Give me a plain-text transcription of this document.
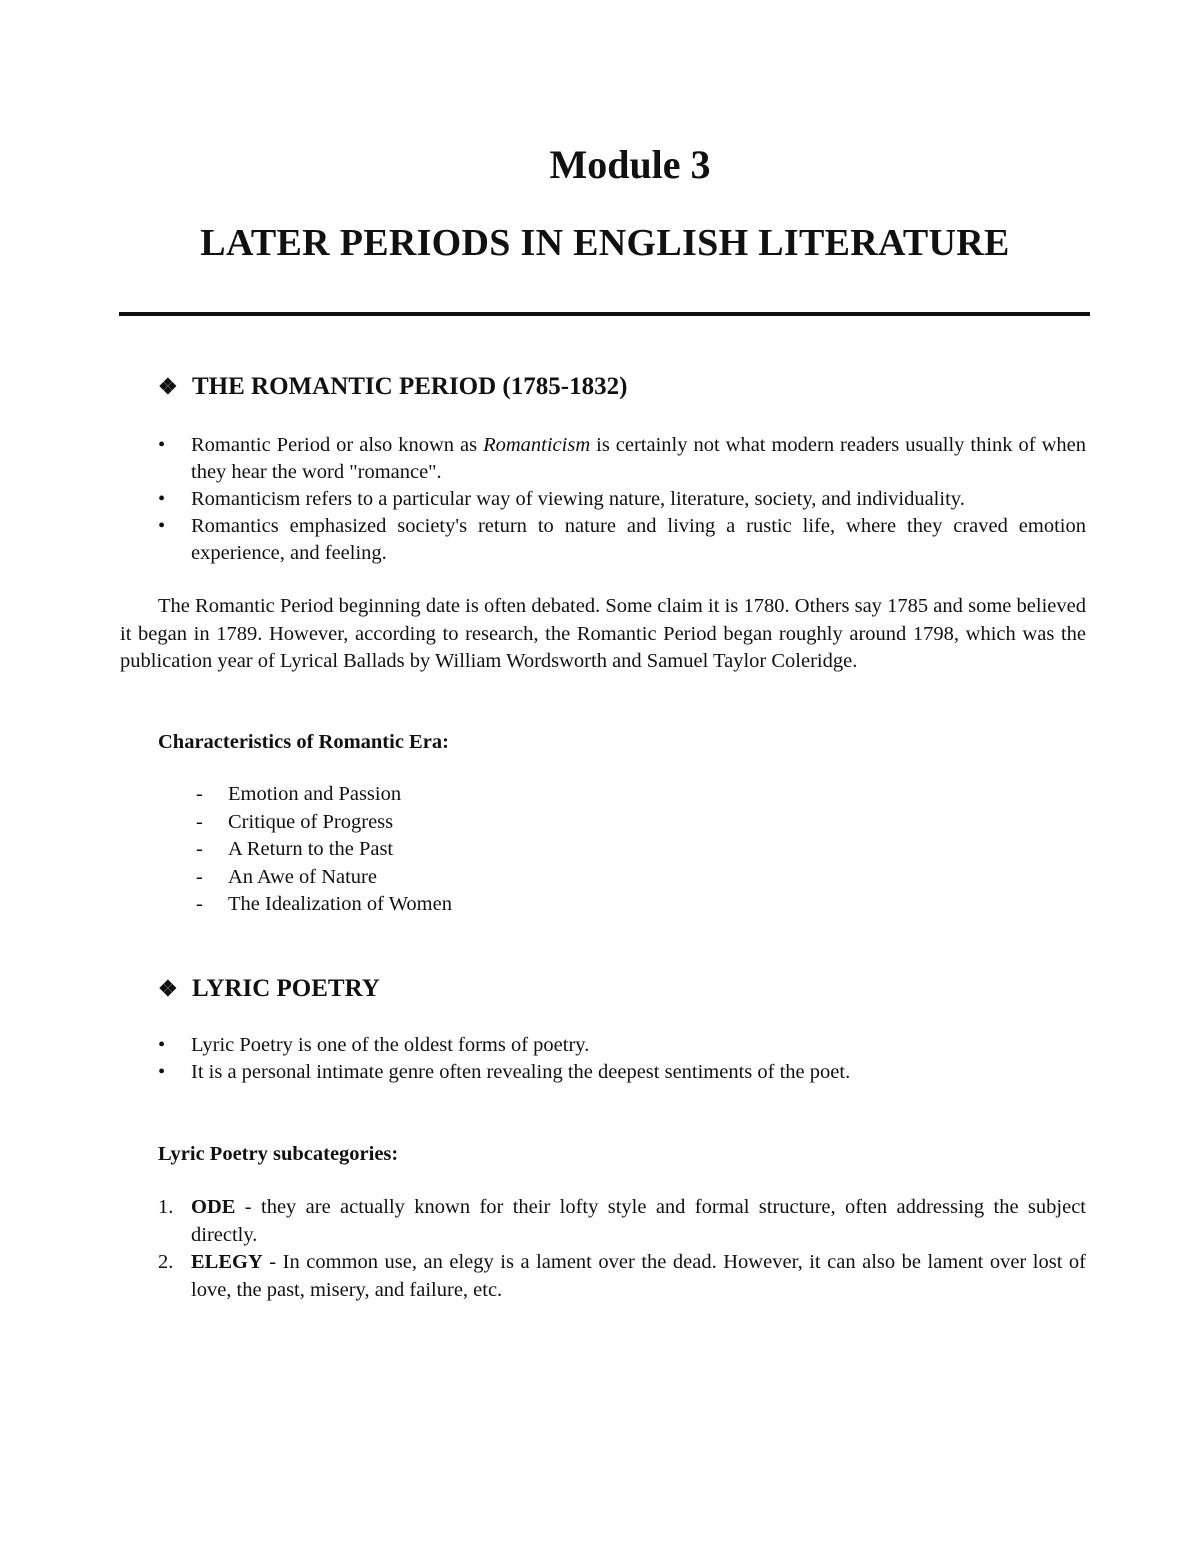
Module 3
LATER PERIODS IN ENGLISH LITERATURE
❖ THE ROMANTIC PERIOD (1785-1832)
• Romantic Period or also known as Romanticism is certainly not what modern readers usually think of when they hear the word "romance".
• Romanticism refers to a particular way of viewing nature, literature, society, and individuality.
• Romantics emphasized society's return to nature and living a rustic life, where they craved emotion experience, and feeling.

The Romantic Period beginning date is often debated. Some claim it is 1780. Others say 1785 and some believed it began in 1789. However, according to research, the Romantic Period began roughly around 1798, which was the publication year of Lyrical Ballads by William Wordsworth and Samuel Taylor Coleridge.

Characteristics of Romantic Era:
- Emotion and Passion
- Critique of Progress
- A Return to the Past
- An Awe of Nature
- The Idealization of Women
❖ LYRIC POETRY
• Lyric Poetry is one of the oldest forms of poetry.
• It is a personal intimate genre often revealing the deepest sentiments of the poet.
Lyric Poetry subcategories:
1. ODE - they are actually known for their lofty style and formal structure, often addressing the subject directly.
2. ELEGY - In common use, an elegy is a lament over the dead. However, it can also be lament over lost of love, the past, misery, and failure, etc.
